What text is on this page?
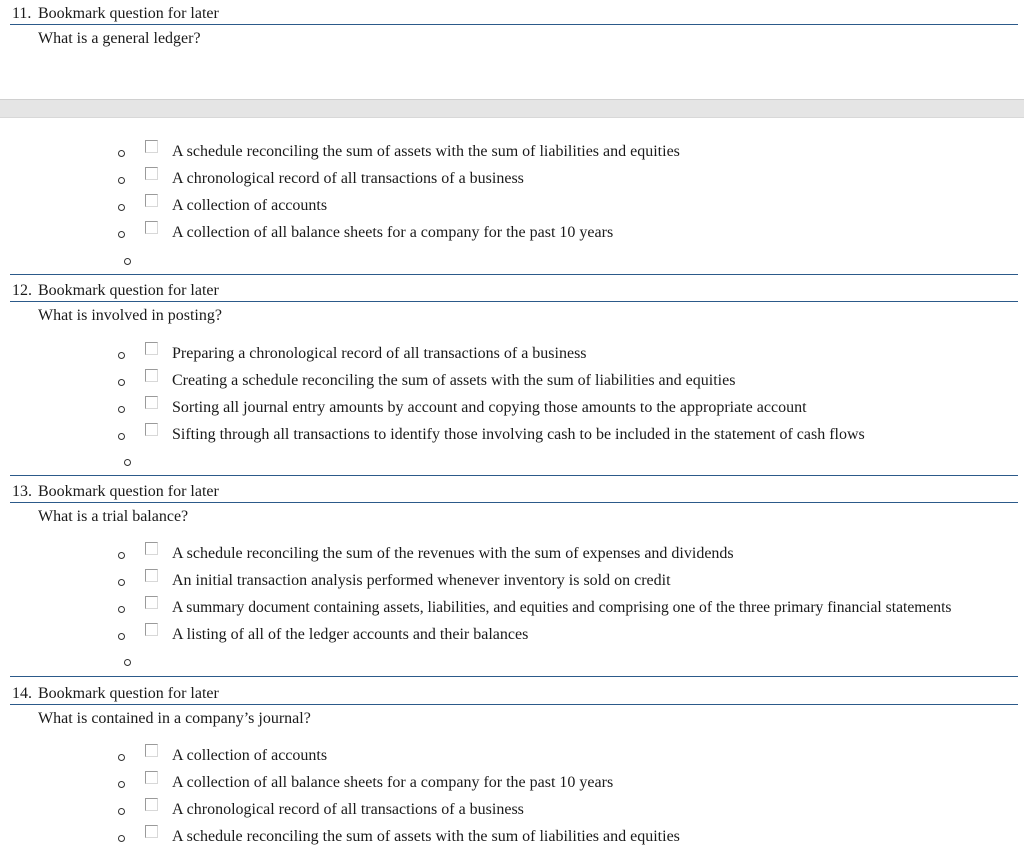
11. Bookmark question for later
What is a general ledger?
A schedule reconciling the sum of assets with the sum of liabilities and equities
A chronological record of all transactions of a business
A collection of accounts
A collection of all balance sheets for a company for the past 10 years
12. Bookmark question for later
What is involved in posting?
Preparing a chronological record of all transactions of a business
Creating a schedule reconciling the sum of assets with the sum of liabilities and equities
Sorting all journal entry amounts by account and copying those amounts to the appropriate account
Sifting through all transactions to identify those involving cash to be included in the statement of cash flows
13. Bookmark question for later
What is a trial balance?
A schedule reconciling the sum of the revenues with the sum of expenses and dividends
An initial transaction analysis performed whenever inventory is sold on credit
A summary document containing assets, liabilities, and equities and comprising one of the three primary financial statements
A listing of all of the ledger accounts and their balances
14. Bookmark question for later
What is contained in a company’s journal?
A collection of accounts
A collection of all balance sheets for a company for the past 10 years
A chronological record of all transactions of a business
A schedule reconciling the sum of assets with the sum of liabilities and equities
